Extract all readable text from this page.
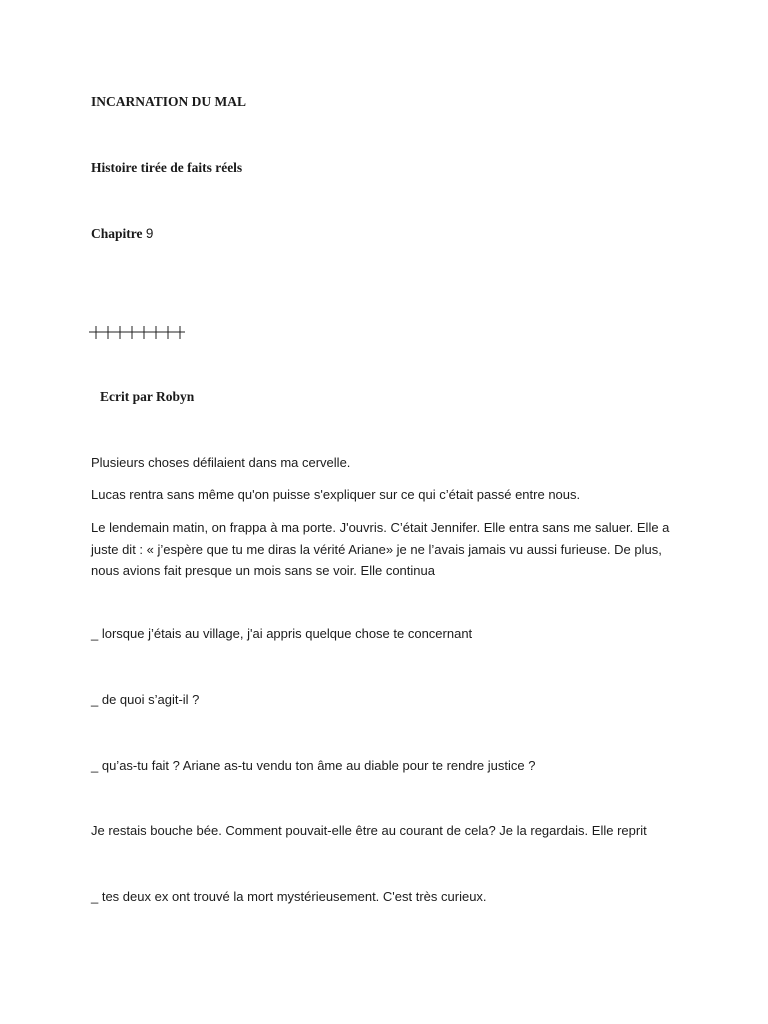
INCARNATION DU MAL
Histoire tirée de faits réels
Chapitre 9
Ecrit par Robyn

Plusieurs choses défilaient dans ma cervelle.

Lucas rentra sans même qu'on puisse s'expliquer sur ce qui c’était passé entre nous.

Le lendemain matin, on frappa à ma porte. J'ouvris. C’était Jennifer. Elle entra sans me saluer. Elle a juste dit : « j’espère que tu me diras la vérité Ariane» je ne l’avais jamais vu aussi furieuse. De plus, nous avions fait presque un mois sans se voir. Elle continua

_ lorsque j’étais au village, j'ai appris quelque chose te concernant

_ de quoi s’agit-il ?

_ qu’as-tu fait ? Ariane as-tu vendu ton âme au diable pour te rendre justice ?

Je restais bouche bée. Comment pouvait-elle être au courant de cela? Je la regardais. Elle reprit

_ tes deux ex ont trouvé la mort mystérieusement. C'est très curieux.
